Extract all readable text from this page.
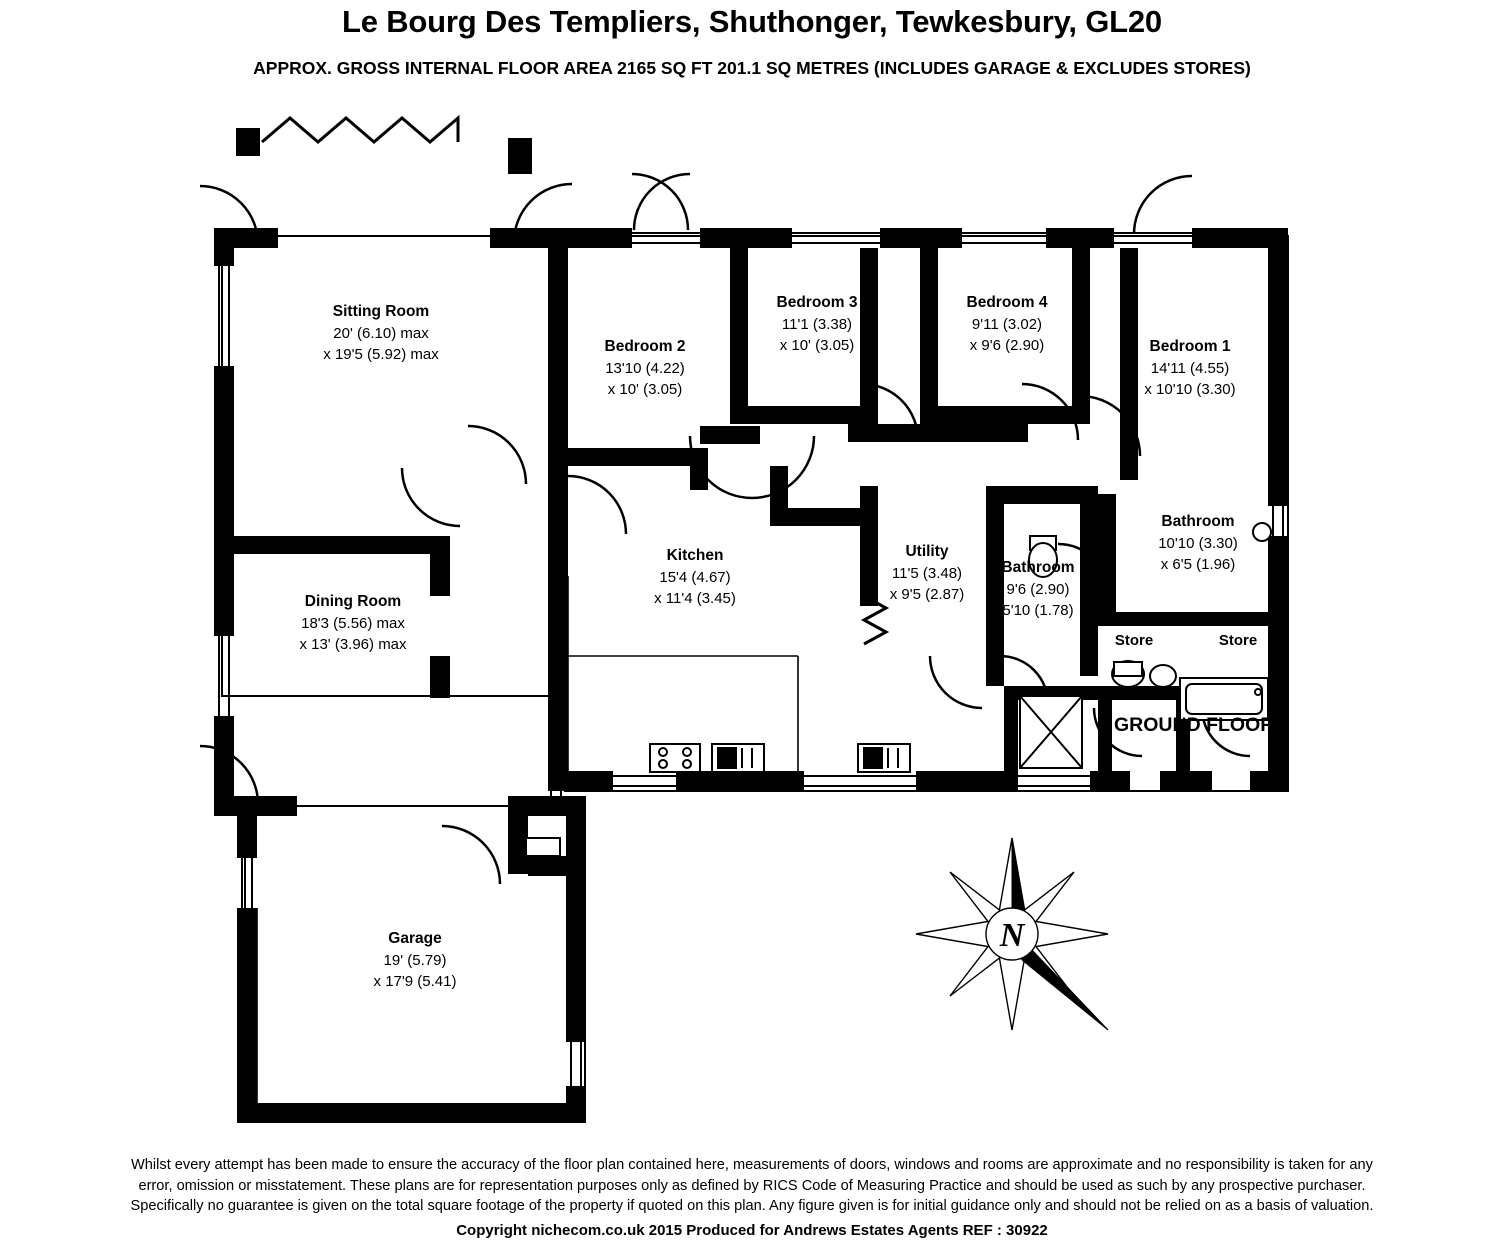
Le Bourg Des Templiers, Shuthonger, Tewkesbury, GL20
APPROX. GROSS INTERNAL FLOOR AREA 2165 SQ FT 201.1 SQ METRES (INCLUDES GARAGE & EXCLUDES STORES)
N
Sitting Room
20' (6.10) max
x 19'5 (5.92) max	Bedroom 2
13'10 (4.22)
x 10' (3.05)
Bedroom 3
11'1 (3.38)
x 10' (3.05)
Bedroom 4
9'11 (3.02)
x 9'6 (2.90)	Bedroom 1
14'11 (4.55)
x 10'10 (3.30)
Bathroom
10'10 (3.30)
x 6'5 (1.96)
Bathroom
9'6 (2.90)
5'10 (1.78)
Utility
11'5 (3.48)
x 9'5 (2.87)
Kitchen
15'4 (4.67)
x 11'4 (3.45)
Dining Room
18'3 (5.56) max
x 13' (3.96) max
Garage
19' (5.79)
x 17'9 (5.41)
Store	Store
GROUND FLOOR
Whilst every attempt has been made to ensure the accuracy of the floor plan contained here, measurements of doors, windows and rooms are approximate and no responsibility is taken for any
error, omission or misstatement. These plans are for representation purposes only as defined by RICS Code of Measuring Practice and should be used as such by any prospective purchaser.
Specifically no guarantee is given on the total square footage of the property if quoted on this plan. Any figure given is for initial guidance only and should not be relied on as a basis of valuation.
Copyright nichecom.co.uk 2015 Produced for Andrews Estates Agents REF : 30922
